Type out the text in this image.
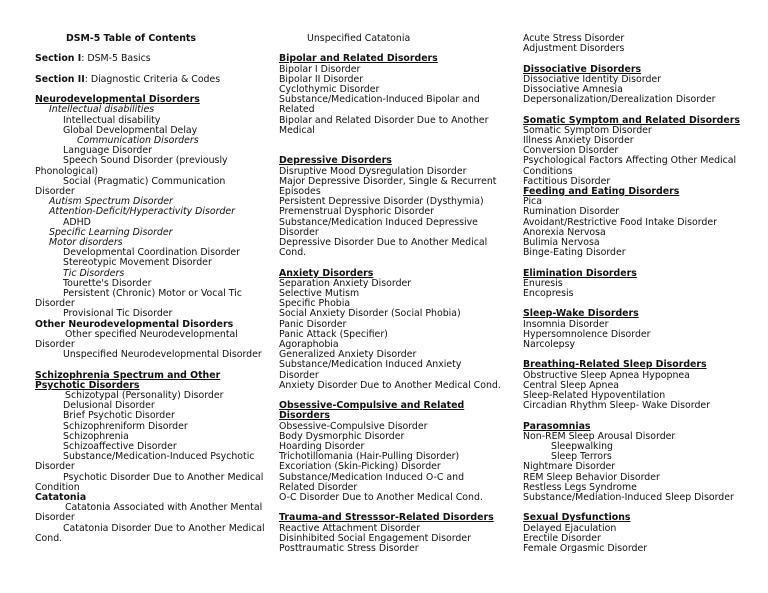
DSM-5 Table of Contents
Section I: DSM-5 Basics
Section II: Diagnostic Criteria & Codes
Neurodevelopmental Disorders
Intellectual disabilities
Intellectual disability
Global Developmental Delay
Communication Disorders
Language Disorder
Speech Sound Disorder (previously Phonological)
Social (Pragmatic) Communication Disorder
Autism Spectrum Disorder
Attention-Deficit/Hyperactivity Disorder
ADHD
Specific Learning Disorder
Motor disorders
Developmental Coordination Disorder
Stereotypic Movement Disorder
Tic Disorders
Tourette's Disorder
Persistent (Chronic) Motor or Vocal Tic Disorder
Provisional Tic Disorder
Other Neurodevelopmental Disorders
Other specified Neurodevelopmental Disorder
Unspecified Neurodevelopmental Disorder
Schizophrenia Spectrum and Other Psychotic Disorders
Schizotypal (Personality) Disorder
Delusional Disorder
Brief Psychotic Disorder
Schizophreniform Disorder
Schizophrenia
Schizoaffective Disorder
Substance/Medication-Induced Psychotic Disorder
Psychotic Disorder Due to Another Medical Condition
Catatonia
Catatonia Associated with Another Mental Disorder
Catatonia Disorder Due to Another Medical Cond.
Unspecified Catatonia
Bipolar and Related Disorders
Bipolar I Disorder
Bipolar II Disorder
Cyclothymic Disorder
Substance/Medication-Induced Bipolar and Related
Bipolar and Related Disorder Due to Another Medical
Depressive Disorders
Disruptive Mood Dysregulation Disorder
Major Depressive Disorder, Single & Recurrent Episodes
Persistent Depressive Disorder (Dysthymia)
Premenstrual Dysphoric Disorder
Substance/Medication Induced Depressive Disorder
Depressive Disorder Due to Another Medical Cond.
Anxiety Disorders
Separation Anxiety Disorder
Selective Mutism
Specific Phobia
Social Anxiety Disorder (Social Phobia)
Panic Disorder
Panic Attack (Specifier)
Agoraphobia
Generalized Anxiety Disorder
Substance/Medication Induced Anxiety Disorder
Anxiety Disorder Due to Another Medical Cond.
Obsessive-Compulsive and Related Disorders
Obsessive-Compulsive Disorder
Body Dysmorphic Disorder
Hoarding Disorder
Trichotillomania (Hair-Pulling Disorder)
Excoriation (Skin-Picking) Disorder
Substance/Medication Induced O-C and Related Disorder
O-C Disorder Due to Another Medical Cond.
Trauma-and Stresssor-Related Disorders
Reactive Attachment Disorder
Disinhibited Social Engagement Disorder
Posttraumatic Stress Disorder
Acute Stress Disorder
Adjustment Disorders
Dissociative Disorders
Dissociative Identity Disorder
Dissociative Amnesia
Depersonalization/Derealization Disorder
Somatic Symptom and Related Disorders
Somatic Symptom Disorder
Illness Anxiety Disorder
Conversion Disorder
Psychological Factors Affecting Other Medical Conditions
Factitious Disorder
Feeding and Eating Disorders
Pica
Rumination Disorder
Avoidant/Restrictive Food Intake Disorder
Anorexia Nervosa
Bulimia Nervosa
Binge-Eating Disorder
Elimination Disorders
Enuresis
Encopresis
Sleep-Wake Disorders
Insomnia Disorder
Hypersomnolence Disorder
Narcolepsy
Breathing-Related Sleep Disorders
Obstructive Sleep Apnea Hypopnea
Central Sleep Apnea
Sleep-Related Hypoventilation
Circadian Rhythm Sleep- Wake Disorder
Parasomnias
Non-REM Sleep Arousal Disorder
Sleepwalking
Sleep Terrors
Nightmare Disorder
REM Sleep Behavior Disorder
Restless Legs Syndrome
Substance/Mediation-Induced Sleep Disorder
Sexual Dysfunctions
Delayed Ejaculation
Erectile Disorder
Female Orgasmic Disorder
